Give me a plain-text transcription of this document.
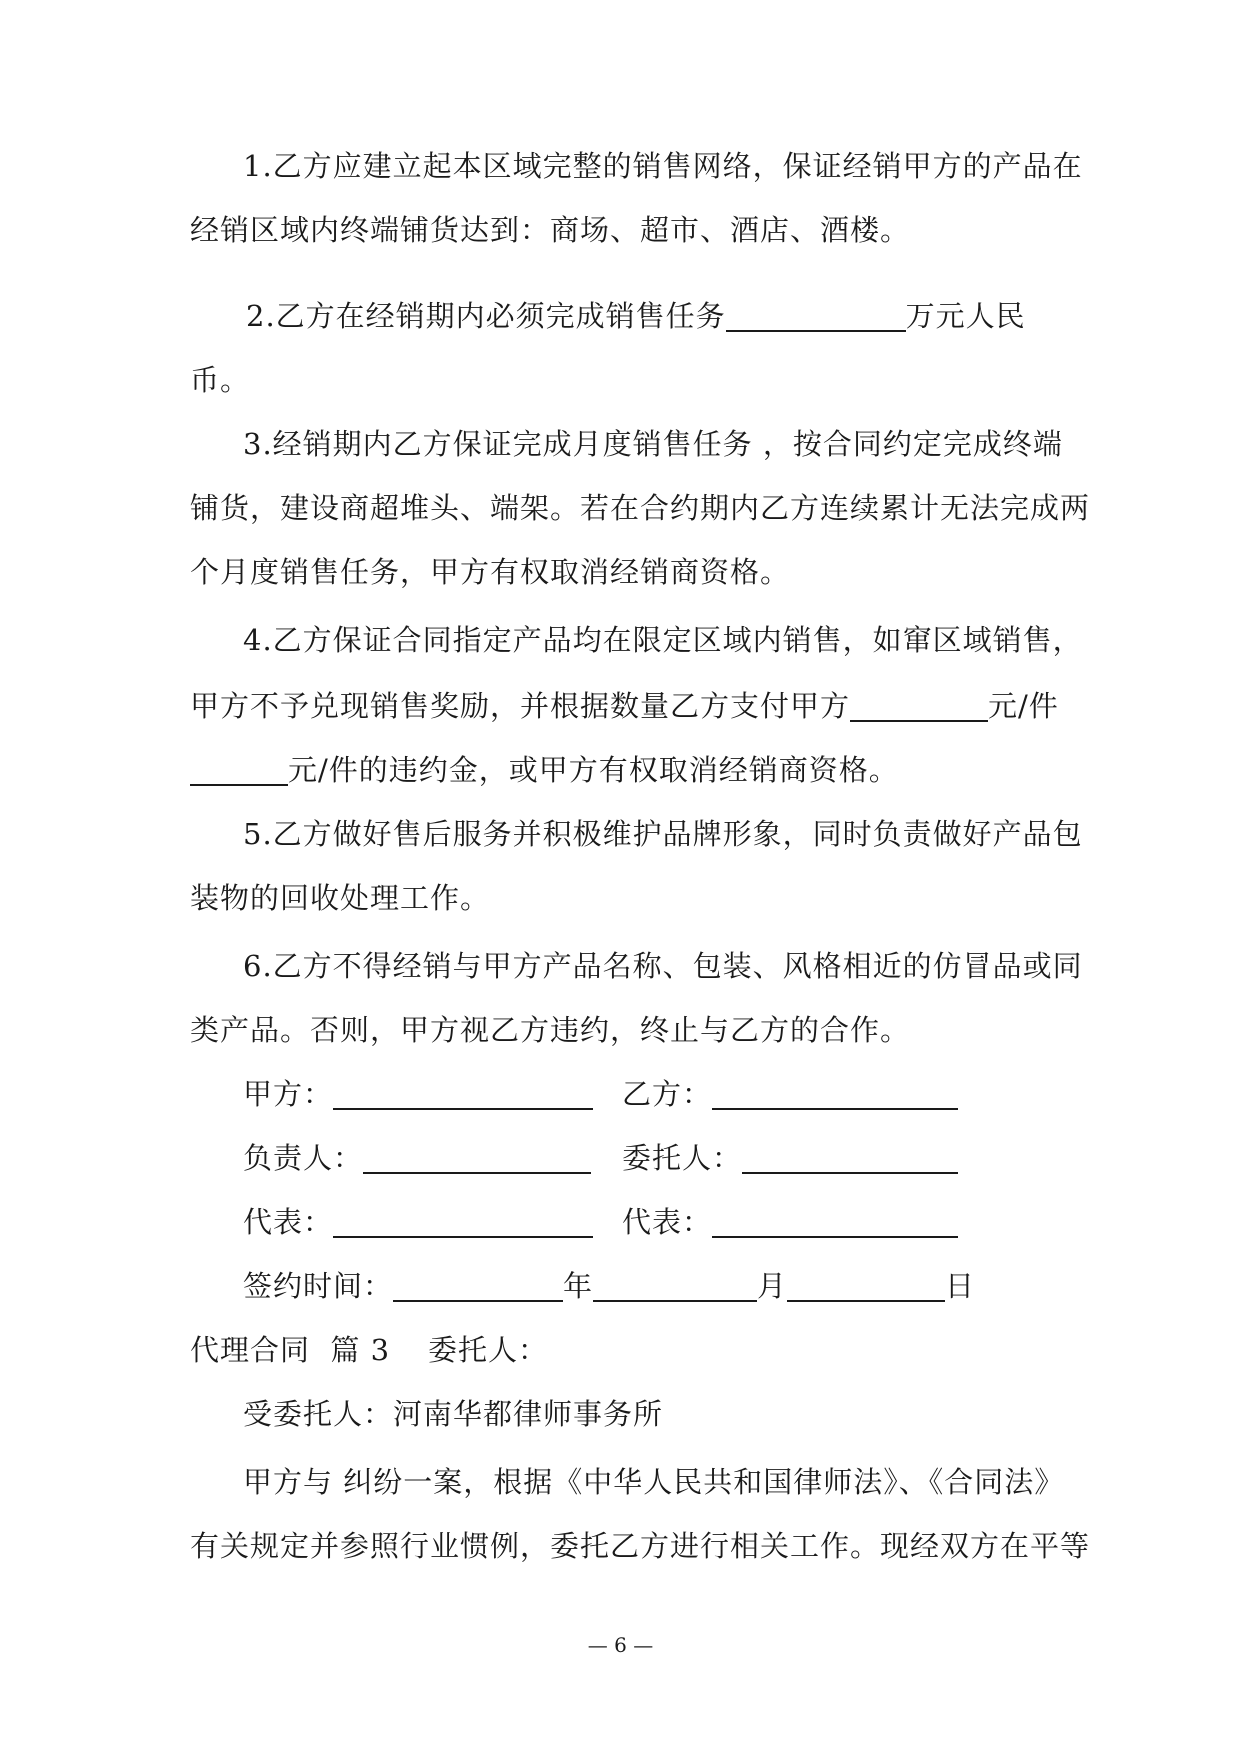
1.乙方应建立起本区域完整的销售网络，保证经销甲方的产品在
经销区域内终端铺货达到：商场、超市、酒店、酒楼。
2.乙方在经销期内必须完成销售任务	万元人民
币。
3.经销期内乙方保证完成月度销售任务 ，按合同约定完成终端
铺货，建设商超堆头、端架。若在合约期内乙方连续累计无法完成两
个月度销售任务，甲方有权取消经销商资格。
4.乙方保证合同指定产品均在限定区域内销售，如窜区域销售，
甲方不予兑现销售奖励，并根据数量乙方支付甲方	元/件
元/件的违约金，或甲方有权取消经销商资格。
5.乙方做好售后服务并积极维护品牌形象，同时负责做好产品包
装物的回收处理工作。
6.乙方不得经销与甲方产品名称、包装、风格相近的仿冒品或同
类产品。否则，甲方视乙方违约，终止与乙方的合作。
甲方：	乙方：
负责人：	委托人：
代表：	代表：
签约时间：	年	月	日
代理合同  篇 3 委托人：
受委托人：河南华都律师事务所
甲方与 纠纷一案，根据《中华人民共和国律师法》、《合同法》
有关规定并参照行业惯例，委托乙方进行相关工作。现经双方在平等
— 6 —
